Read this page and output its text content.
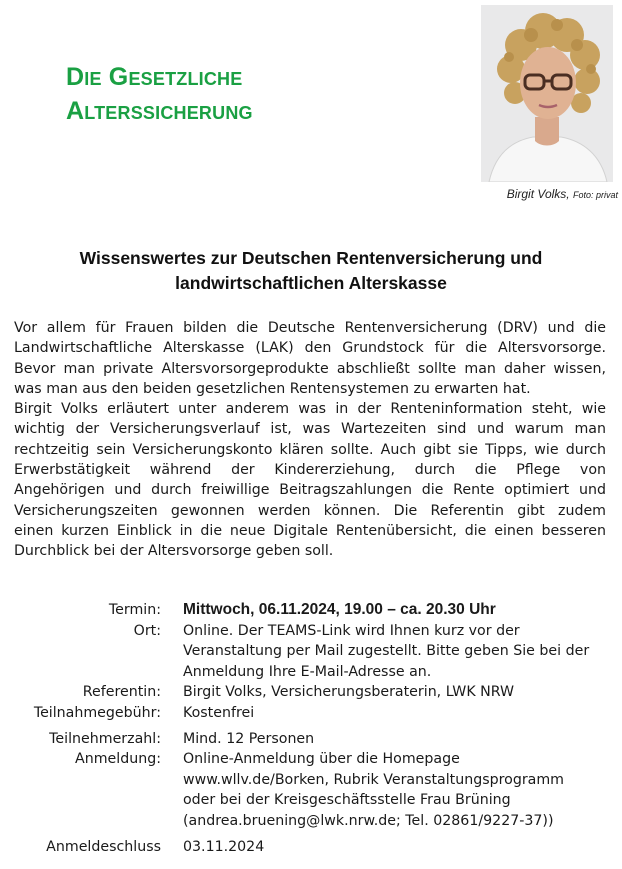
Die Gesetzliche
Alterssicherung
Birgit Volks, Foto: privat
Wissenswertes zur Deutschen Rentenversicherung und
landwirtschaftlichen Alterskasse
Vor allem für Frauen bilden die Deutsche Rentenversicherung (DRV) und die
Landwirtschaftliche Alterskasse (LAK) den Grundstock für die Altersvorsorge.
Bevor man private Altersvorsorgeprodukte abschließt sollte man daher wissen,
was man aus den beiden gesetzlichen Rentensystemen zu erwarten hat.
Birgit Volks erläutert unter anderem was in der Renteninformation steht, wie
wichtig der Versicherungsverlauf ist, was Wartezeiten sind und warum man
rechtzeitig sein Versicherungskonto klären sollte. Auch gibt sie Tipps, wie durch
Erwerbstätigkeit während der Kindererziehung, durch die Pflege von
Angehörigen und durch freiwillige Beitragszahlungen die Rente optimiert und
Versicherungszeiten gewonnen werden können. Die Referentin gibt zudem
einen kurzen Einblick in die neue Digitale Rentenübersicht, die einen besseren
Durchblick bei der Altersvorsorge geben soll.
Termin: Mittwoch, 06.11.2024, 19.00 – ca. 20.30 Uhr
Ort: Online. Der TEAMS-Link wird Ihnen kurz vor der
Veranstaltung per Mail zugestellt. Bitte geben Sie bei der
Anmeldung Ihre E-Mail-Adresse an.
Referentin: Birgit Volks, Versicherungsberaterin, LWK NRW
Teilnahmegebühr: Kostenfrei
Teilnehmerzahl: Mind. 12 Personen
Anmeldung: Online-Anmeldung über die Homepage
www.wllv.de/Borken, Rubrik Veranstaltungsprogramm
oder bei der Kreisgeschäftsstelle Frau Brüning
(andrea.bruening@lwk.nrw.de; Tel. 02861/9227-37))
Anmeldeschluss 03.11.2024
